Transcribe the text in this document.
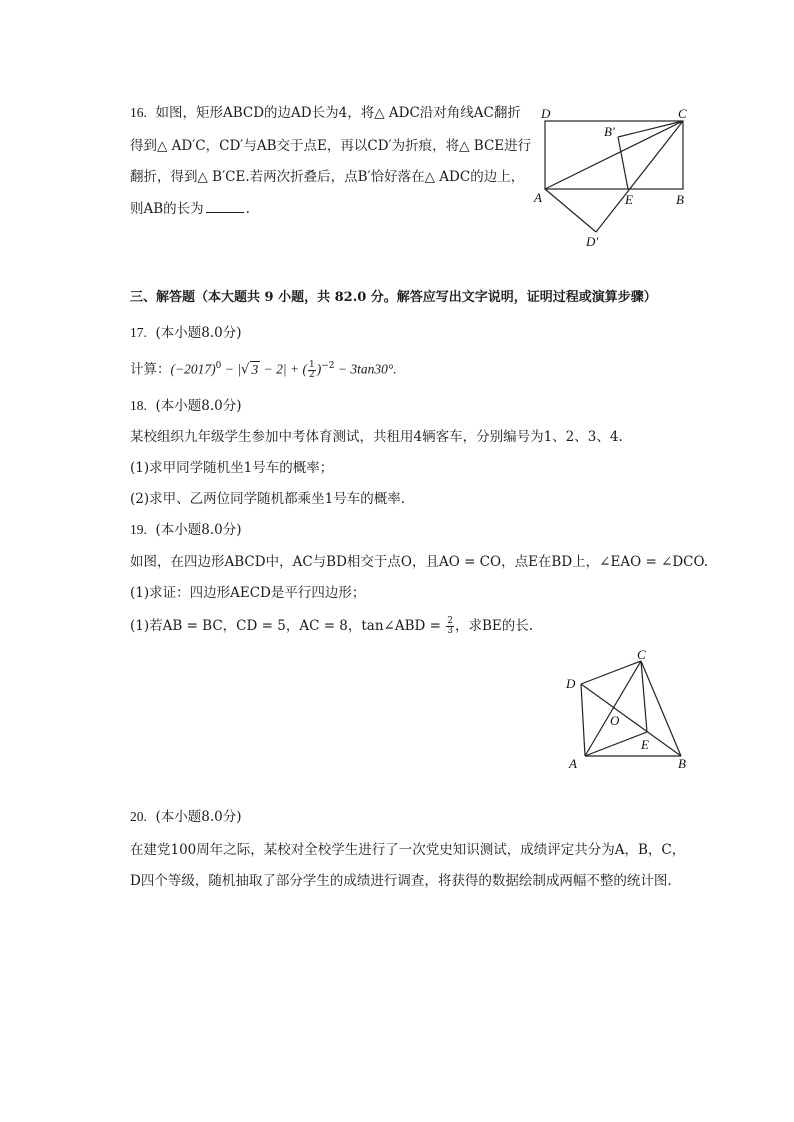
16. 如图，矩形ABCD的边AD长为4，将△ ADC沿对角线AC翻折
得到△ AD′C，CD′与AB交于点E，再以CD′为折痕，将△ BCE进行
翻折，得到△ B′CE.若两次折叠后，点B′恰好落在△ ADC的边上，
则AB的长为	.
D	C
B′
A	E	B
D′
三、解答题（本大题共 9 小题，共 82.0 分。解答应写出文字说明，证明过程或演算步骤）
17. (本小题8.0分)
计算：$(-2017)^0$ − |√ 3 − 2| + ( $\frac{1}{2} )^{-2} - 3\tan 30^\circ$.
18. (本小题8.0分)
某校组织九年级学生参加中考体育测试，共租用4辆客车，分别编号为1、2、3、4.
(1)求甲同学随机坐1号车的概率；
(2)求甲、乙两位同学随机都乘坐1号车的概率.
19. (本小题8.0分)
如图，在四边形ABCD中，AC与BD相交于点O，且AO = CO，点E在BD上，∠EAO = ∠DCO.
(1)求证：四边形AECD是平行四边形；
(1)若AB = BC，CD = 5，AC = 8，tan∠ABD = $\frac{2}{3}$ ，求BE的长.
C
D
O
E
A	B
20. (本小题8.0分)
在建党100周年之际，某校对全校学生进行了一次党史知识测试，成绩评定共分为A，B，C，
D四个等级，随机抽取了部分学生的成绩进行调查，将获得的数据绘制成两幅不整的统计图.
